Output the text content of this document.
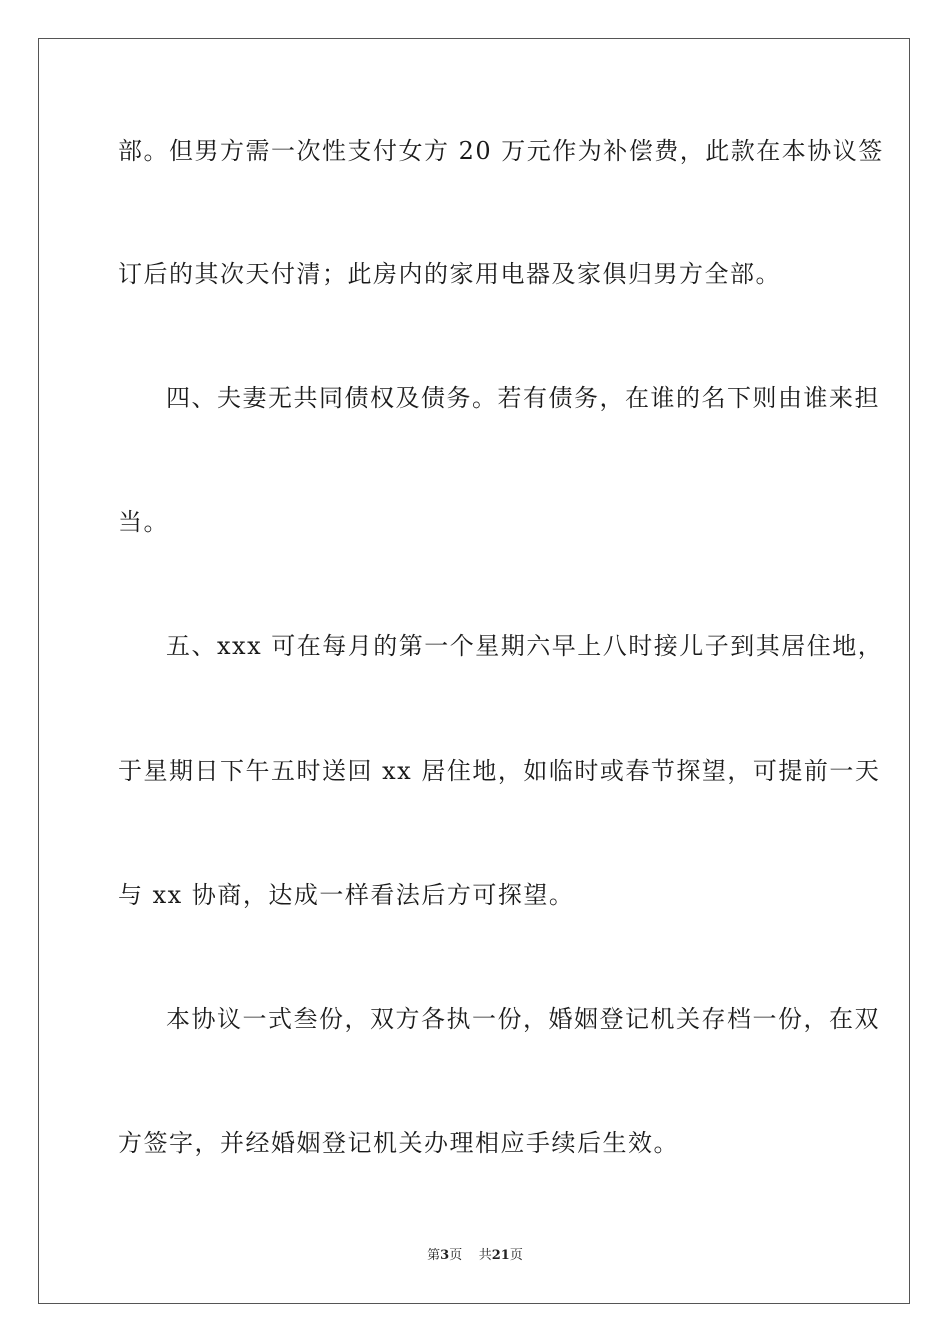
部。但男方需一次性支付女方 20 万元作为补偿费，此款在本协议签

订后的其次天付清；此房内的家用电器及家俱归男方全部。

四、夫妻无共同债权及债务。若有债务，在谁的名下则由谁来担

当。

五、xxx 可在每月的第一个星期六早上八时接儿子到其居住地，

于星期日下午五时送回 xx 居住地，如临时或春节探望，可提前一天

与 xx 协商，达成一样看法后方可探望。

本协议一式叁份，双方各执一份，婚姻登记机关存档一份，在双

方签字，并经婚姻登记机关办理相应手续后生效。

第3页    共21页
